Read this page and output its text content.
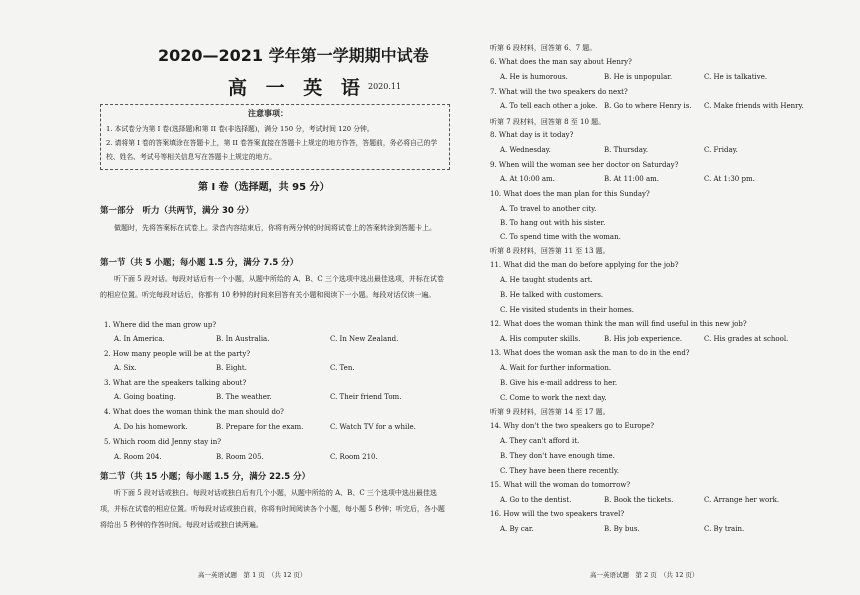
2020—2021 学年第一学期期中试卷
高 一 英 语 2020.11
注意事项：
1. 本试卷分为第 I 卷(选择题)和第 II 卷(非选择题)，满分 150 分，考试时间 120 分钟。
2. 请将第 I 卷的答案填涂在答题卡上，第 II 卷答案直接在答题卡上规定的地方作答，答题前，务必将自己的学校、姓名、考试号等相关信息写在答题卡上规定的地方。
第 I 卷（选择题，共 95 分）
第一部分　听力（共两节，满分 30 分）
做题时，先将答案标在试卷上。录音内容结束后，你将有两分钟的时间将试卷上的答案转涂到答题卡上。
第一节（共 5 小题；每小题 1.5 分，满分 7.5 分）
听下面 5 段对话。每段对话后有一个小题，从题中所给的 A、B、C 三个选项中选出最佳选项，并标在试卷的相应位置。听完每段对话后，你都有 10 秒钟的时间来回答有关小题和阅读下一小题。每段对话仅读一遍。
1. Where did the man grow up?
A. In America.	B. In Australia.	C. In New Zealand.
2. How many people will be at the party?
A. Six.	B. Eight.	C. Ten.
3. What are the speakers talking about?
A. Going boating.	B. The weather.	C. Their friend Tom.
4. What does the woman think the man should do?
A. Do his homework.	B. Prepare for the exam.	C. Watch TV for a while.
5. Which room did Jenny stay in?
A. Room 204.	B. Room 205.	C. Room 210.
第二节（共 15 小题；每小题 1.5 分，满分 22.5 分）
听下面 5 段对话或独白。每段对话或独白后有几个小题，从题中所给的 A、B、C 三个选项中选出最佳选项，并标在试卷的相应位置。听每段对话或独白前，你将有时间阅读各个小题，每小题 5 秒钟；听完后，各小题将给出 5 秒钟的作答时间。每段对话或独白读两遍。
高一英语试题　第 1 页　（共 12 页）
听第 6 段材料，回答第 6、7 题。
6. What does the man say about Henry?
A. He is humorous.	B. He is unpopular.	C. He is talkative.
7. What will the two speakers do next?
A. To tell each other a joke. B. Go to where Henry is. C. Make friends with Henry.
听第 7 段材料，回答第 8 至 10 题。
8. What day is it today?
A. Wednesday.	B. Thursday.	C. Friday.
9. When will the woman see her doctor on Saturday?
A. At 10:00 am.	B. At 11:00 am.	C. At 1:30 pm.
10. What does the man plan for this Sunday?
A. To travel to another city.
B. To hang out with his sister.
C. To spend time with the woman.
听第 8 段材料，回答第 11 至 13 题。
11. What did the man do before applying for the job?
A. He taught students art.
B. He talked with customers.
C. He visited students in their homes.
12. What does the woman think the man will find useful in this new job?
A. His computer skills.	B. His job experience.	C. His grades at school.
13. What does the woman ask the man to do in the end?
A. Wait for further information.
B. Give his e-mail address to her.
C. Come to work the next day.
听第 9 段材料，回答第 14 至 17 题。
14. Why don't the two speakers go to Europe?
A. They can't afford it.
B. They don't have enough time.
C. They have been there recently.
15. What will the woman do tomorrow?
A. Go to the dentist.	B. Book the tickets.	C. Arrange her work.
16. How will the two speakers travel?
A. By car.	B. By bus.	C. By train.
高一英语试题　第 2 页　（共 12 页）
